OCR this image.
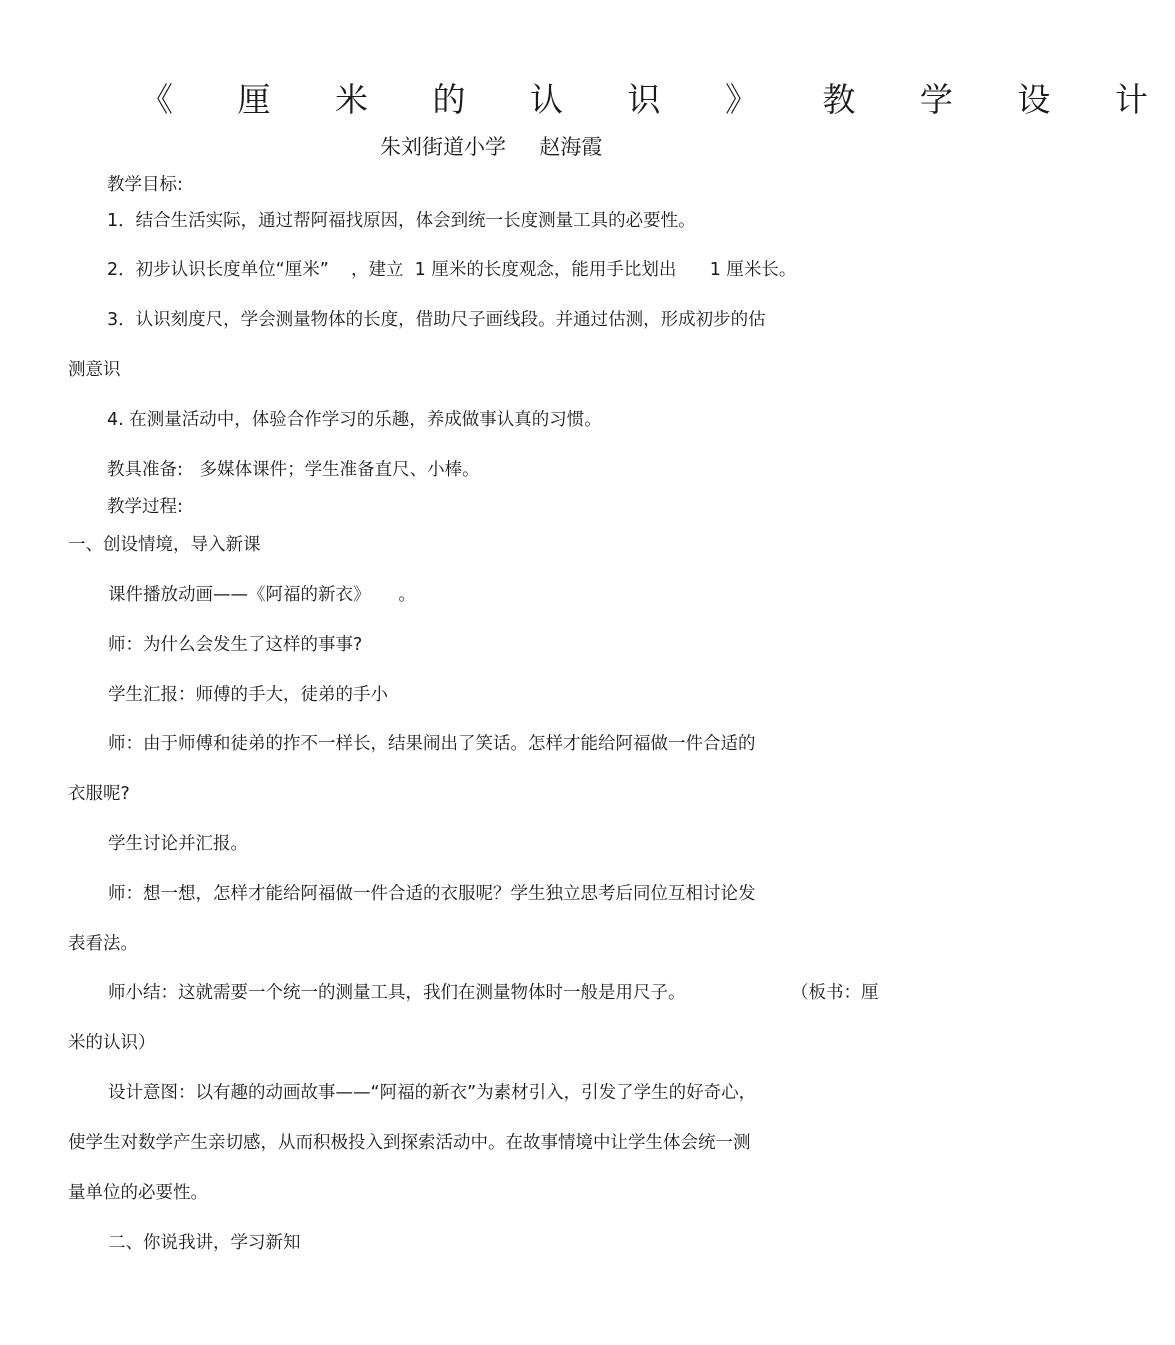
《 厘 米 的 认 识 》 教 学 设 计
朱刘街道小学     赵海霞
教学目标:
1．结合生活实际，通过帮阿福找原因，体会到统一长度测量工具的必要性。
2．初步认识长度单位“厘米”    ，建立  1 厘米的长度观念，能用手比划出      1 厘米长。
3．认识刻度尺，学会测量物体的长度，借助尺子画线段。并通过估测，形成初步的估
测意识
4. 在测量活动中，体验合作学习的乐趣，养成做事认真的习惯。
教具准备:   多媒体课件；学生准备直尺、小棒。
教学过程:
一、创设情境，导入新课
课件播放动画——《阿福的新衣》     。
师：为什么会发生了这样的事事?
学生汇报：师傅的手大，徒弟的手小
师：由于师傅和徒弟的拃不一样长，结果闹出了笑话。怎样才能给阿福做一件合适的
衣服呢?
学生讨论并汇报。
师：想一想，怎样才能给阿福做一件合适的衣服呢？学生独立思考后同位互相讨论发
表看法。
师小结：这就需要一个统一的测量工具，我们在测量物体时一般是用尺子。	（板书：厘
米的认识）
设计意图：以有趣的动画故事——“阿福的新衣”为素材引入，引发了学生的好奇心，
使学生对数学产生亲切感，从而积极投入到探索活动中。在故事情境中让学生体会统一测
量单位的必要性。
二、你说我讲，学习新知
